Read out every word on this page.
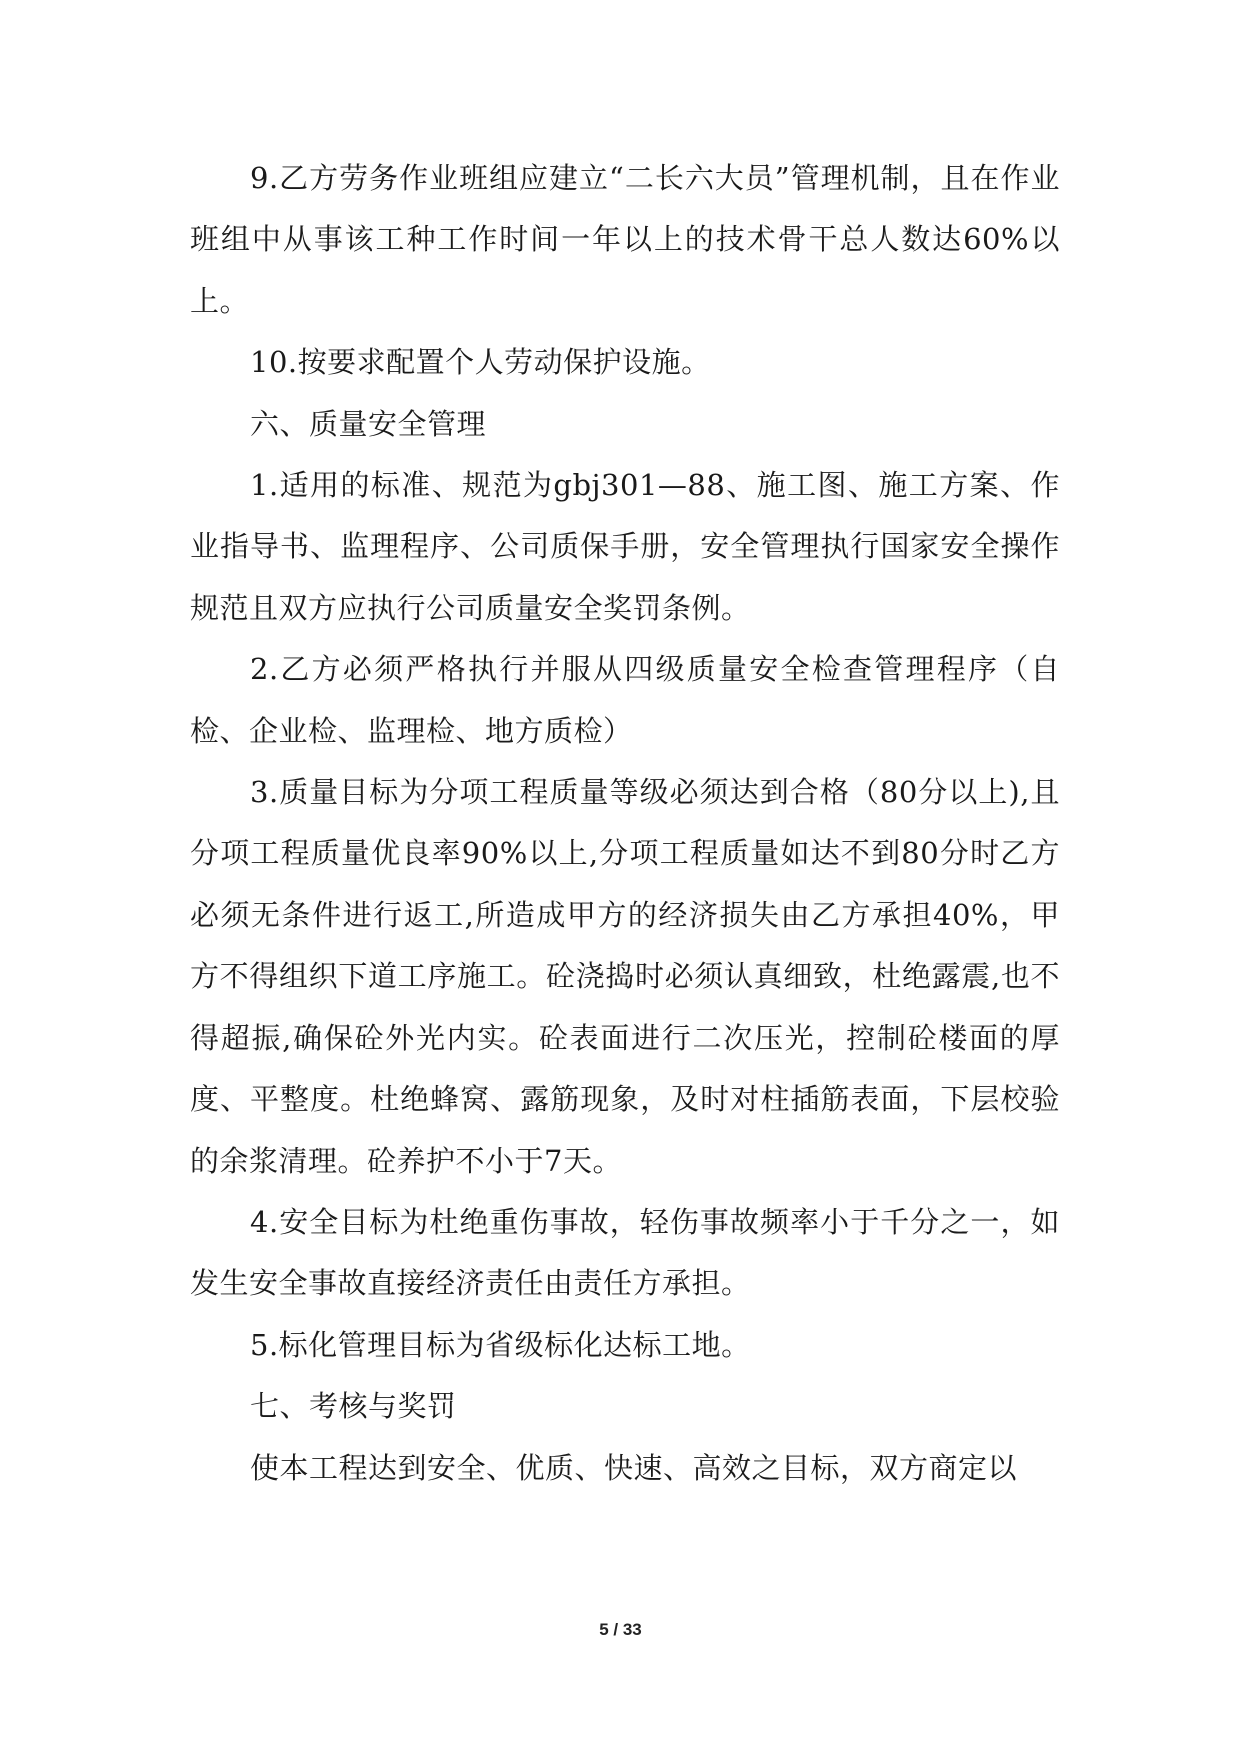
9.乙方劳务作业班组应建立“二长六大员”管理机制，且在作业班组中从事该工种工作时间一年以上的技术骨干总人数达60%以上。

10.按要求配置个人劳动保护设施。

六、质量安全管理

1.适用的标准、规范为gbj301—88、施工图、施工方案、作业指导书、监理程序、公司质保手册，安全管理执行国家安全操作规范且双方应执行公司质量安全奖罚条例。

2.乙方必须严格执行并服从四级质量安全检查管理程序（自检、企业检、监理检、地方质检）

3.质量目标为分项工程质量等级必须达到合格（80分以上),且分项工程质量优良率90%以上,分项工程质量如达不到80分时乙方必须无条件进行返工,所造成甲方的经济损失由乙方承担40%，甲方不得组织下道工序施工。砼浇捣时必须认真细致，杜绝露震,也不得超振,确保砼外光内实。砼表面进行二次压光，控制砼楼面的厚度、平整度。杜绝蜂窝、露筋现象，及时对柱插筋表面，下层校验的余浆清理。砼养护不小于7天。

4.安全目标为杜绝重伤事故，轻伤事故频率小于千分之一，如发生安全事故直接经济责任由责任方承担。

5.标化管理目标为省级标化达标工地。

七、考核与奖罚

使本工程达到安全、优质、快速、高效之目标，双方商定以

5 / 33
